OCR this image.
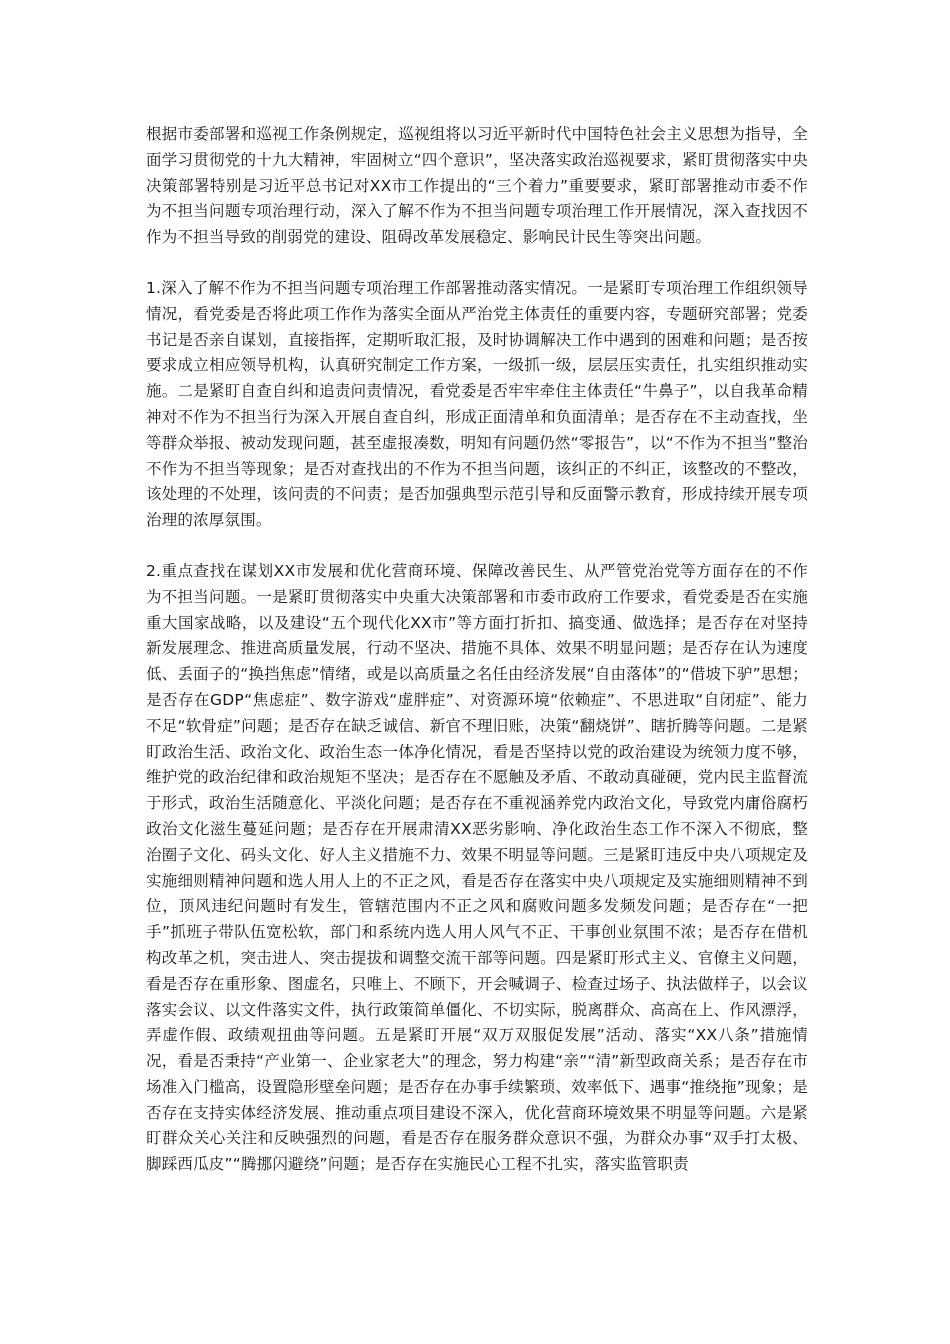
根据市委部署和巡视工作条例规定，巡视组将以习近平新时代中国特色社会主义思想为指导，全面学习贯彻党的十九大精神，牢固树立“四个意识”，坚决落实政治巡视要求，紧盯贯彻落实中央决策部署特别是习近平总书记对XX市工作提出的“三个着力”重要要求，紧盯部署推动市委不作为不担当问题专项治理行动，深入了解不作为不担当问题专项治理工作开展情况，深入查找因不作为不担当导致的削弱党的建设、阻碍改革发展稳定、影响民计民生等突出问题。

1.深入了解不作为不担当问题专项治理工作部署推动落实情况。一是紧盯专项治理工作组织领导情况，看党委是否将此项工作作为落实全面从严治党主体责任的重要内容，专题研究部署；党委书记是否亲自谋划，直接指挥，定期听取汇报，及时协调解决工作中遇到的困难和问题；是否按要求成立相应领导机构，认真研究制定工作方案，一级抓一级，层层压实责任，扎实组织推动实施。二是紧盯自查自纠和追责问责情况，看党委是否牢牢牵住主体责任“牛鼻子”，以自我革命精神对不作为不担当行为深入开展自查自纠，形成正面清单和负面清单；是否存在不主动查找，坐等群众举报、被动发现问题，甚至虚报凑数，明知有问题仍然“零报告”，以“不作为不担当”整治不作为不担当等现象；是否对查找出的不作为不担当问题，该纠正的不纠正，该整改的不整改，该处理的不处理，该问责的不问责；是否加强典型示范引导和反面警示教育，形成持续开展专项治理的浓厚氛围。

2.重点查找在谋划XX市发展和优化营商环境、保障改善民生、从严管党治党等方面存在的不作为不担当问题。一是紧盯贯彻落实中央重大决策部署和市委市政府工作要求，看党委是否在实施重大国家战略，以及建设“五个现代化XX市”等方面打折扣、搞变通、做选择；是否存在对坚持新发展理念、推进高质量发展，行动不坚决、措施不具体、效果不明显问题；是否存在认为速度低、丢面子的“换挡焦虑”情绪，或是以高质量之名任由经济发展“自由落体”的“借坡下驴”思想；是否存在GDP“焦虑症”、数字游戏“虚胖症”、对资源环境“依赖症”、不思进取“自闭症”、能力不足“软骨症”问题；是否存在缺乏诚信、新官不理旧账，决策“翻烧饼”、瞎折腾等问题。二是紧盯政治生活、政治文化、政治生态一体净化情况，看是否坚持以党的政治建设为统领力度不够，维护党的政治纪律和政治规矩不坚决；是否存在不愿触及矛盾、不敢动真碰硬，党内民主监督流于形式，政治生活随意化、平淡化问题；是否存在不重视涵养党内政治文化，导致党内庸俗腐朽政治文化滋生蔓延问题；是否存在开展肃清XX恶劣影响、净化政治生态工作不深入不彻底，整治圈子文化、码头文化、好人主义措施不力、效果不明显等问题。三是紧盯违反中央八项规定及实施细则精神问题和选人用人上的不正之风，看是否存在落实中央八项规定及实施细则精神不到位，顶风违纪问题时有发生，管辖范围内不正之风和腐败问题多发频发问题；是否存在“一把手”抓班子带队伍宽松软，部门和系统内选人用人风气不正、干事创业氛围不浓；是否存在借机构改革之机，突击进人、突击提拔和调整交流干部等问题。四是紧盯形式主义、官僚主义问题，看是否存在重形象、图虚名，只唯上、不顾下，开会喊调子、检查过场子、执法做样子，以会议落实会议、以文件落实文件，执行政策简单僵化、不切实际，脱离群众、高高在上、作风漂浮，弄虚作假、政绩观扭曲等问题。五是紧盯开展“双万双服促发展”活动、落实“XX八条”措施情况，看是否秉持“产业第一、企业家老大”的理念，努力构建“亲”“清”新型政商关系；是否存在市场准入门槛高，设置隐形壁垒问题；是否存在办事手续繁琐、效率低下、遇事“推绕拖”现象；是否存在支持实体经济发展、推动重点项目建设不深入，优化营商环境效果不明显等问题。六是紧盯群众关心关注和反映强烈的问题，看是否存在服务群众意识不强，为群众办事“双手打太极、脚踩西瓜皮”“腾挪闪避绕”问题；是否存在实施民心工程不扎实，落实监管职责
